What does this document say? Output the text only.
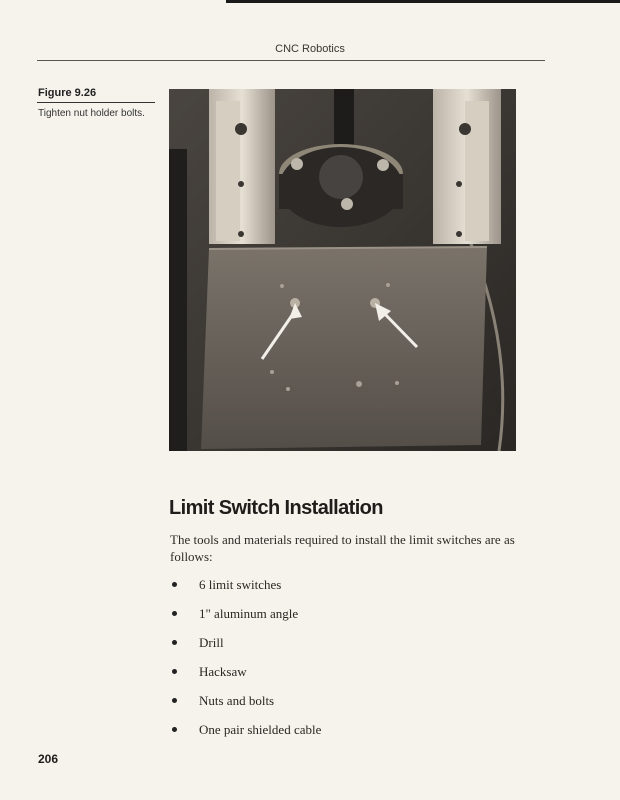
CNC Robotics
Figure 9.26
Tighten nut holder bolts.
Limit Switch Installation
The tools and materials required to install the limit switches are as follows:
6 limit switches
1" aluminum angle
Drill
Hacksaw
Nuts and bolts
One pair shielded cable
206
